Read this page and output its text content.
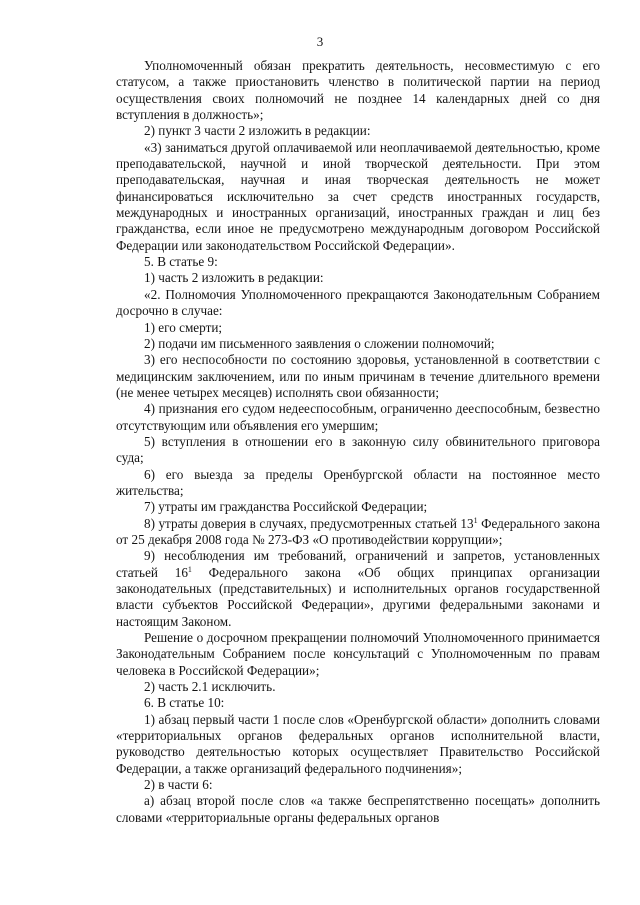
3

Уполномоченный обязан прекратить деятельность, несовместимую с его статусом, а также приостановить членство в политической партии на период осуществления своих полномочий не позднее 14 календарных дней со дня вступления в должность»;

2) пункт 3 части 2 изложить в редакции:

«3) заниматься другой оплачиваемой или неоплачиваемой деятельностью, кроме преподавательской, научной и иной творческой деятельности. При этом преподавательская, научная и иная творческая деятельность не может финансироваться исключительно за счет средств иностранных государств, международных и иностранных организаций, иностранных граждан и лиц без гражданства, если иное не предусмотрено международным договором Российской Федерации или законодательством Российской Федерации».

5. В статье 9:

1) часть 2 изложить в редакции:

«2. Полномочия Уполномоченного прекращаются Законодательным Собранием досрочно в случае:

1) его смерти;

2) подачи им письменного заявления о сложении полномочий;

3) его неспособности по состоянию здоровья, установленной в соответствии с медицинским заключением, или по иным причинам в течение длительного времени (не менее четырех месяцев) исполнять свои обязанности;

4) признания его судом недееспособным, ограниченно дееспособным, безвестно отсутствующим или объявления его умершим;

5) вступления в отношении его в законную силу обвинительного приговора суда;

6) его выезда за пределы Оренбургской области на постоянное место жительства;

7) утраты им гражданства Российской Федерации;

8) утраты доверия в случаях, предусмотренных статьей $13^1$ Федерального закона от 25 декабря 2008 года № 273-ФЗ «О противодействии коррупции»;

9) несоблюдения им требований, ограничений и запретов, установленных статьей $16^1$ Федерального закона «Об общих принципах организации законодательных (представительных) и исполнительных органов государственной власти субъектов Российской Федерации», другими федеральными законами и настоящим Законом.

Решение о досрочном прекращении полномочий Уполномоченного принимается Законодательным Собранием после консультаций с Уполномоченным по правам человека в Российской Федерации»;

2) часть 2.1 исключить.

6. В статье 10:

1) абзац первый части 1 после слов «Оренбургской области» дополнить словами «территориальных органов федеральных органов исполнительной власти, руководство деятельностью которых осуществляет Правительство Российской Федерации, а также организаций федерального подчинения»;

2) в части 6:

а) абзац второй после слов «а также беспрепятственно посещать» дополнить словами «территориальные органы федеральных органов
